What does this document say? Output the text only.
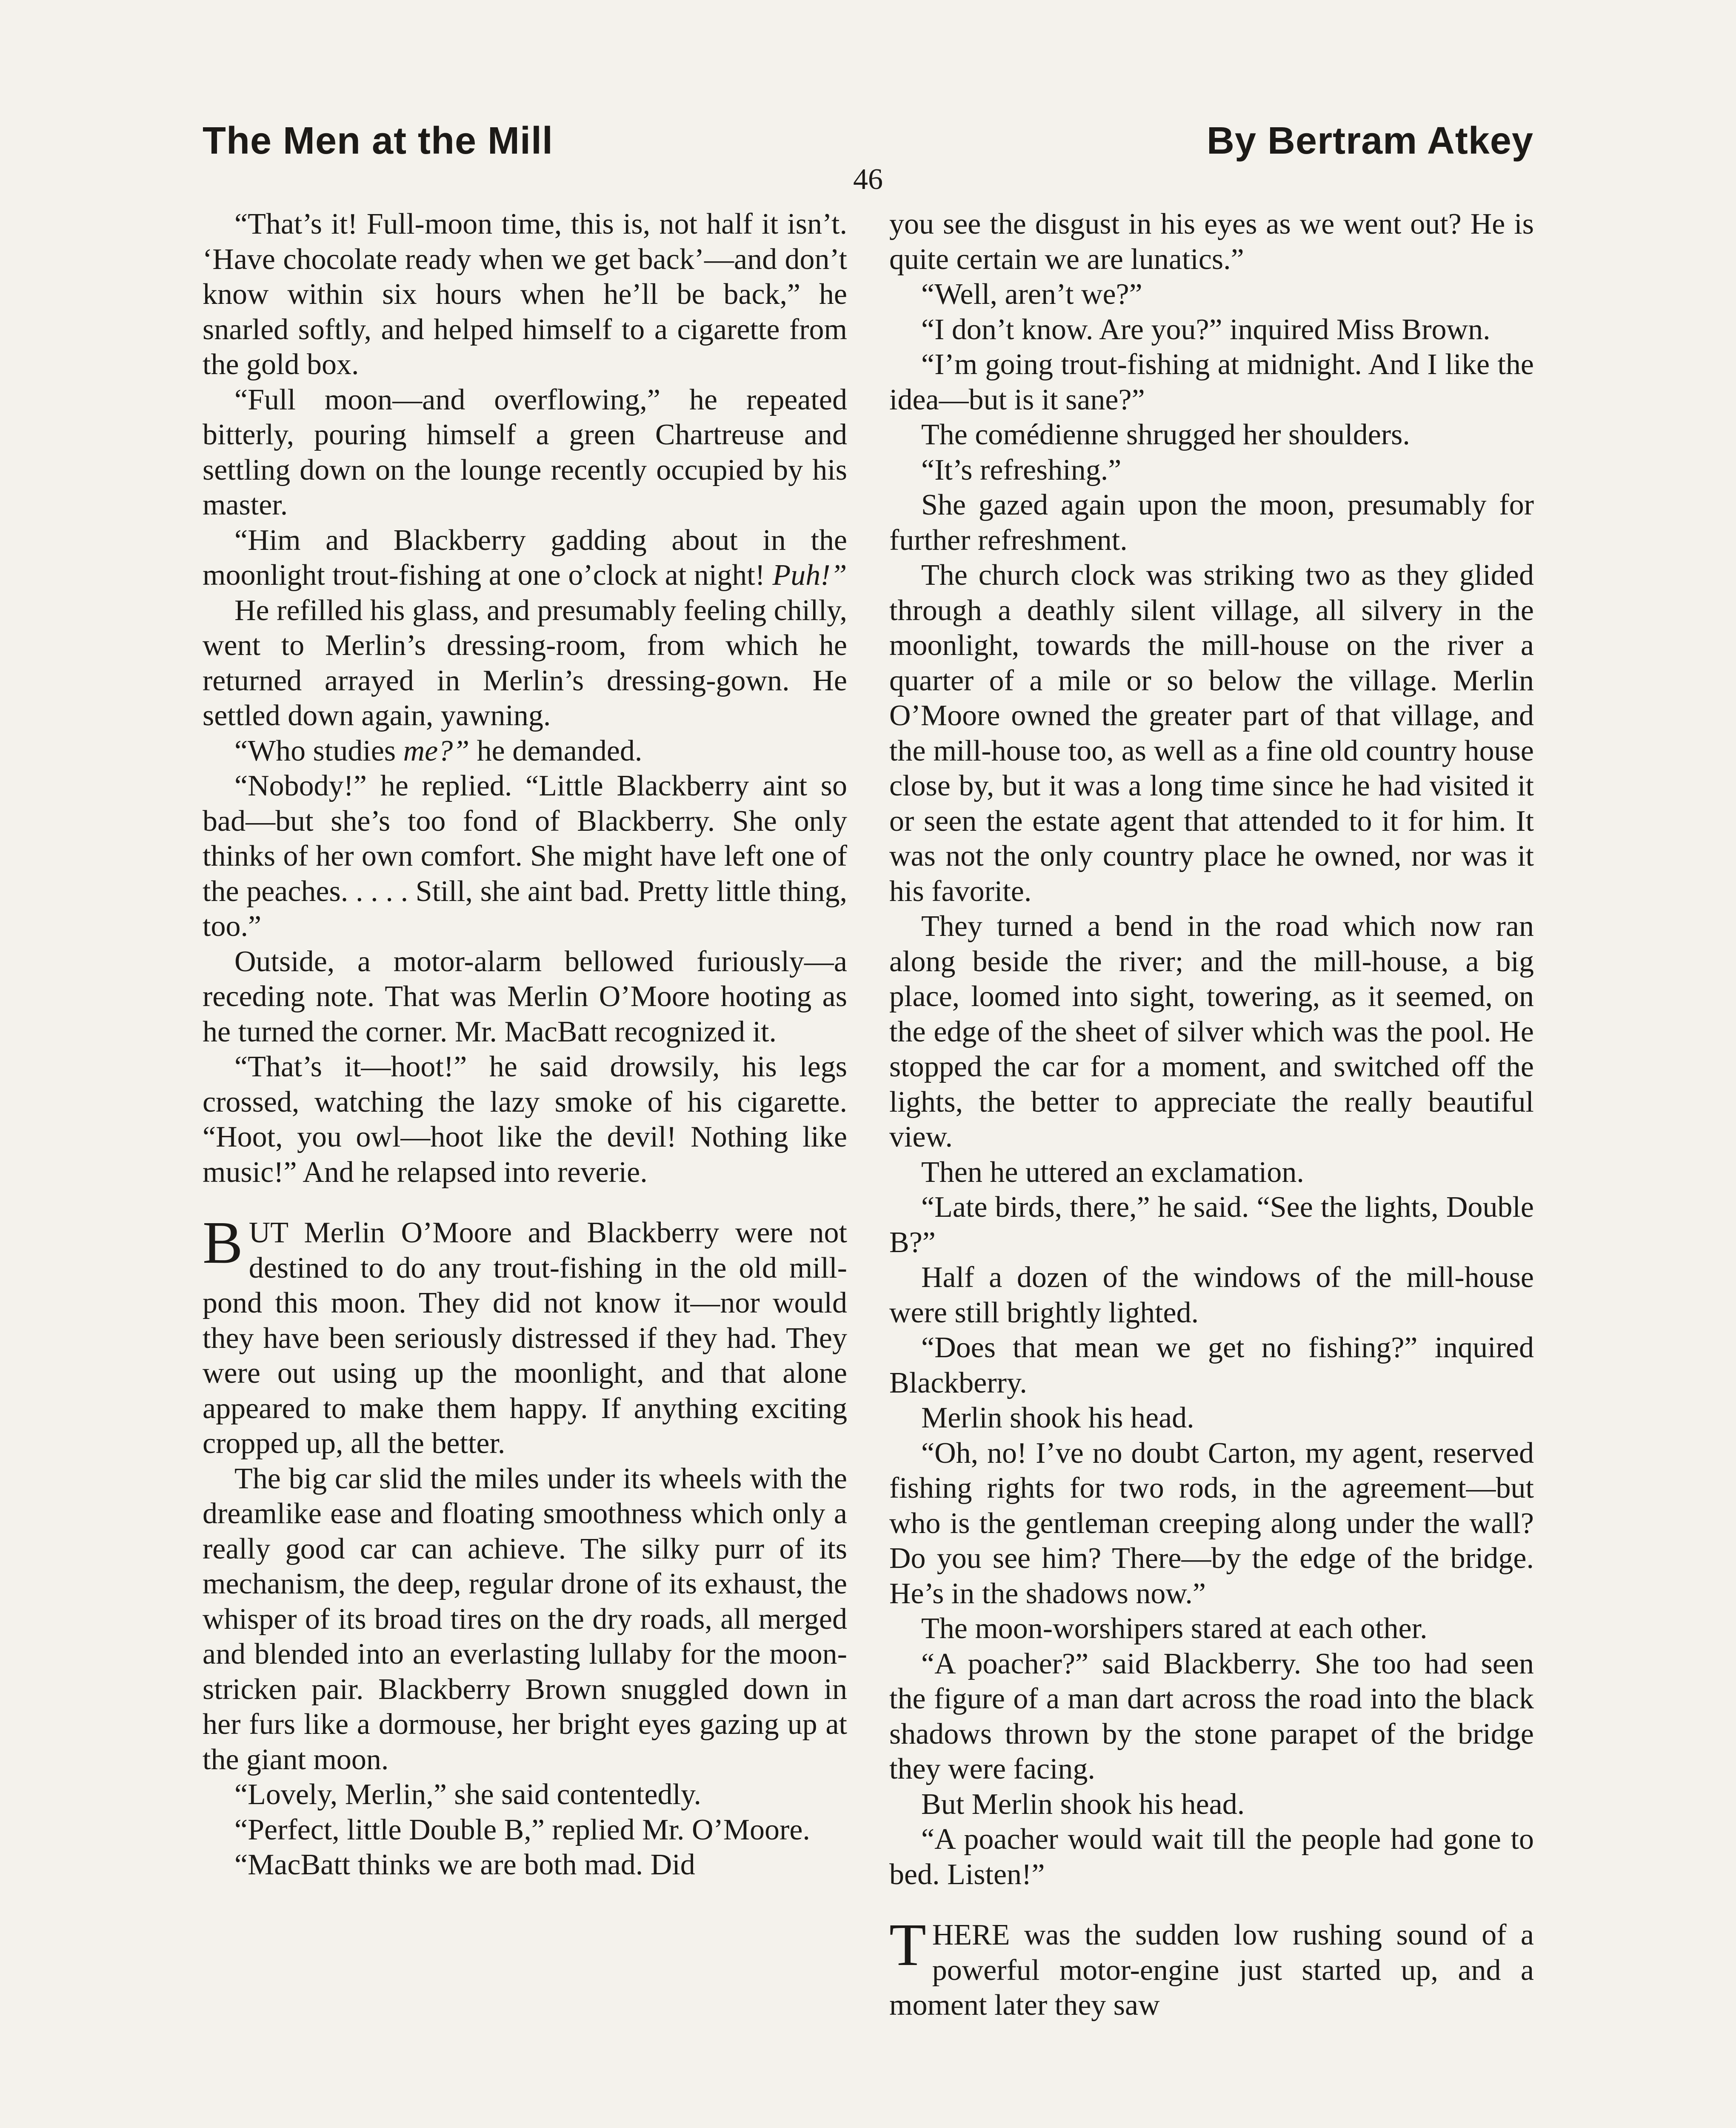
The Men at the Mill	By Bertram Atkey
46

“That’s it! Full-moon time, this is, not half it isn’t. ‘Have chocolate ready when we get back’—and don’t know within six hours when he’ll be back,” he snarled softly, and helped himself to a cigarette from the gold box.

“Full moon—and overflowing,” he repeated bitterly, pouring himself a green Chartreuse and settling down on the lounge recently occupied by his master.

“Him and Blackberry gadding about in the moonlight trout-fishing at one o’clock at night! Puh!”

He refilled his glass, and presumably feeling chilly, went to Merlin’s dressing-room, from which he returned arrayed in Merlin’s dressing-gown. He settled down again, yawning.

“Who studies me?” he demanded.

“Nobody!” he replied. “Little Blackberry aint so bad—but she’s too fond of Blackberry. She only thinks of her own comfort. She might have left one of the peaches. . . . . Still, she aint bad. Pretty little thing, too.”

Outside, a motor-alarm bellowed furiously—a receding note. That was Merlin O’Moore hooting as he turned the corner. Mr. MacBatt recognized it.

“That’s it—hoot!” he said drowsily, his legs crossed, watching the lazy smoke of his cigarette. “Hoot, you owl—hoot like the devil! Nothing like music!” And he relapsed into reverie.

BUT Merlin O’Moore and Blackberry were not destined to do any trout-fishing in the old mill-pond this moon. They did not know it—nor would they have been seriously distressed if they had. They were out using up the moonlight, and that alone appeared to make them happy. If anything exciting cropped up, all the better.

The big car slid the miles under its wheels with the dreamlike ease and floating smoothness which only a really good car can achieve. The silky purr of its mechanism, the deep, regular drone of its exhaust, the whisper of its broad tires on the dry roads, all merged and blended into an everlasting lullaby for the moon-stricken pair. Blackberry Brown snuggled down in her furs like a dormouse, her bright eyes gazing up at the giant moon.

“Lovely, Merlin,” she said contentedly.

“Perfect, little Double B,” replied Mr. O’Moore.

“MacBatt thinks we are both mad. Did

you see the disgust in his eyes as we went out? He is quite certain we are lunatics.”

“Well, aren’t we?”

“I don’t know. Are you?” inquired Miss Brown.

“I’m going trout-fishing at midnight. And I like the idea—but is it sane?”

The comédienne shrugged her shoulders.

“It’s refreshing.”

She gazed again upon the moon, presumably for further refreshment.

The church clock was striking two as they glided through a deathly silent village, all silvery in the moonlight, towards the mill-house on the river a quarter of a mile or so below the village. Merlin O’Moore owned the greater part of that village, and the mill-house too, as well as a fine old country house close by, but it was a long time since he had visited it or seen the estate agent that attended to it for him. It was not the only country place he owned, nor was it his favorite.

They turned a bend in the road which now ran along beside the river; and the mill-house, a big place, loomed into sight, towering, as it seemed, on the edge of the sheet of silver which was the pool. He stopped the car for a moment, and switched off the lights, the better to appreciate the really beautiful view.

Then he uttered an exclamation.

“Late birds, there,” he said. “See the lights, Double B?”

Half a dozen of the windows of the mill-house were still brightly lighted.

“Does that mean we get no fishing?” inquired Blackberry.

Merlin shook his head.

“Oh, no! I’ve no doubt Carton, my agent, reserved fishing rights for two rods, in the agreement—but who is the gentleman creeping along under the wall? Do you see him? There—by the edge of the bridge. He’s in the shadows now.”

The moon-worshipers stared at each other.

“A poacher?” said Blackberry. She too had seen the figure of a man dart across the road into the black shadows thrown by the stone parapet of the bridge they were facing.

But Merlin shook his head.

“A poacher would wait till the people had gone to bed. Listen!”

THERE was the sudden low rushing sound of a powerful motor-engine just started up, and a moment later they saw
